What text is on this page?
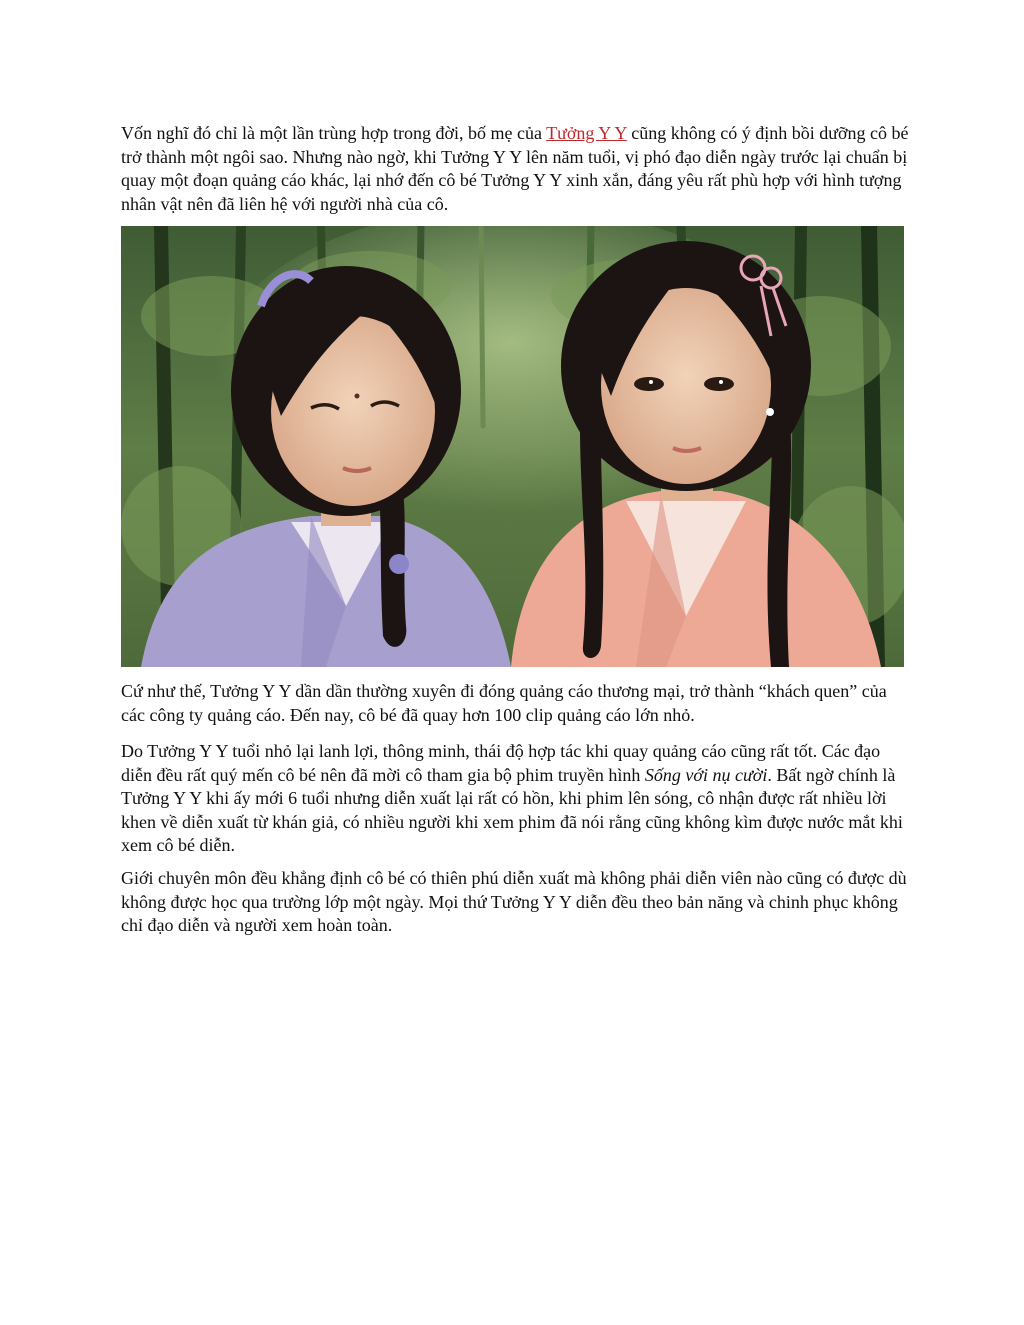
Vốn nghĩ đó chỉ là một lần trùng hợp trong đời, bố mẹ của Tưởng Y Y cũng không có ý định bồi dưỡng cô bé trở thành một ngôi sao. Nhưng nào ngờ, khi Tưởng Y Y lên năm tuổi, vị phó đạo diễn ngày trước lại chuẩn bị quay một đoạn quảng cáo khác, lại nhớ đến cô bé Tưởng Y Y xinh xắn, đáng yêu rất phù hợp với hình tượng nhân vật nên đã liên hệ với người nhà của cô.

Cứ như thế, Tưởng Y Y dần dần thường xuyên đi đóng quảng cáo thương mại, trở thành “khách quen” của các công ty quảng cáo. Đến nay, cô bé đã quay hơn 100 clip quảng cáo lớn nhỏ.

Do Tưởng Y Y tuổi nhỏ lại lanh lợi, thông minh, thái độ hợp tác khi quay quảng cáo cũng rất tốt. Các đạo diễn đều rất quý mến cô bé nên đã mời cô tham gia bộ phim truyền hình Sống với nụ cười. Bất ngờ chính là Tưởng Y Y khi ấy mới 6 tuổi nhưng diễn xuất lại rất có hồn, khi phim lên sóng, cô nhận được rất nhiều lời khen về diễn xuất từ khán giả, có nhiều người khi xem phim đã nói rằng cũng không kìm được nước mắt khi xem cô bé diễn.

Giới chuyên môn đều khẳng định cô bé có thiên phú diễn xuất mà không phải diễn viên nào cũng có được dù không được học qua trường lớp một ngày. Mọi thứ Tưởng Y Y diễn đều theo bản năng và chinh phục không chỉ đạo diễn và người xem hoàn toàn.
